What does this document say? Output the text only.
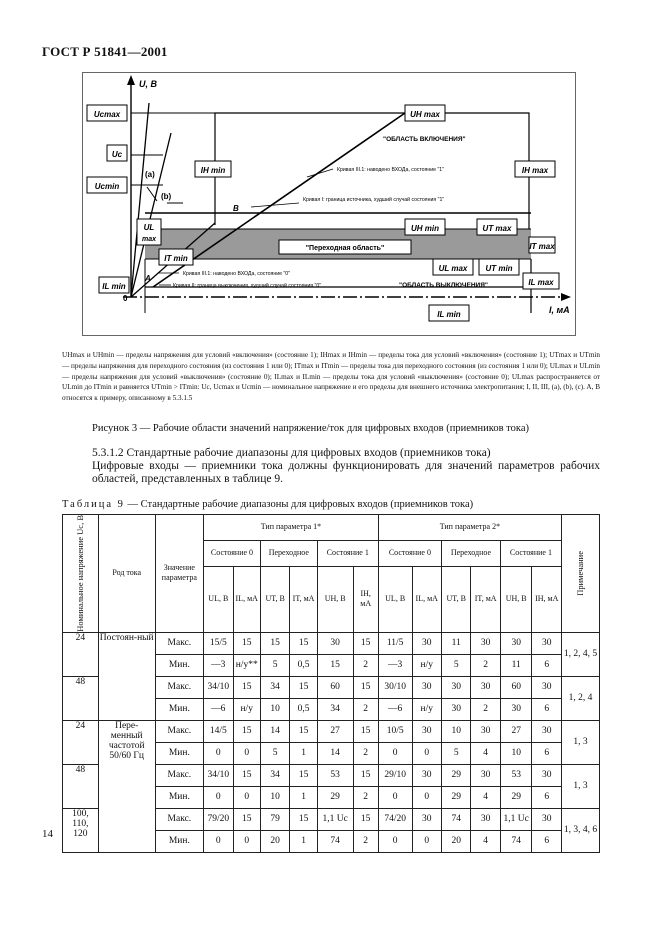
ГОСТ Р 51841—2001
Ucmax
Uc
Ucmin
UL
max
IT min
IL min
IH min
UH max
IH max
UH min	UT max
IT max
UL max UT min
IL max
IL min
U, В
I, мА
0
(a)
(b)
B
A
"ОБЛАСТЬ ВКЛЮЧЕНИЯ"
"ОБЛАСТЬ ВЫКЛЮЧЕНИЯ"
"Переходная область"
Кривая III.1: наводено ВХОДа, состояние "1"
Кривая I: граница источника, худший случай состояния "1"
Кривая III.1: наводено ВХОДа, состояние "0"
Кривая II: граница выключения, худший случай состояния "0"
UHmax и UHmin — пределы напряжения для условий «включения» (состояние 1); IHmax и IHmin — пределы тока для условий «включения» (состояние 1); UTmax и UTmin — пределы напряжения для переходного состояния (из состояния 1 или 0); ITmax и ITmin — пределы тока для переходного состояния (из состояния 1 или 0); ULmax и ULmin — пределы напряжения для условий «выключения» (состояние 0); ILmax и ILmin — пределы тока для условий «выключения» (состояние 0); ULmax распространяется от ULmin до ITmin и равняется UTmin > ITmin: Uc, Ucmax и Ucmin — номинальное напряжение и его пределы для внешнего источника электропитания; I, II, III, (a), (b), (c). A, B относятся к примеру, описанному в 5.3.1.5
Рисунок 3 — Рабочие области значений напряжение/ток для цифровых входов (приемников тока)
5.3.1.2 Стандартные рабочие диапазоны для цифровых входов (приемников тока)
Цифровые входы — приемники тока должны функционировать для значений параметров рабочих областей, представленных в таблице 9.
Таблица 9 — Стандартные рабочие диапазоны для цифровых входов (приемников тока)
Номинальное напряжение Uc, В	Род тока	Значение параметра	Тип параметра 1*						Тип параметра 2*						Примечание

			Состояние 0		Переходное		Состояние 1		Состояние 0		Переходное		Состояние 1		
			UL, В	IL, мА	UT, В	IT, мА	UH, В	IH, мА	UL, В	IL, мА	UT, В	IT, мА	UH, В	IH, мА	
24	Постоян-ный	Макс.	15/5	15	15	15	30	15	11/5	30	11	30	30	30	1, 2, 4, 5
		Мин.	—3	н/у**	5	0,5	15	2	—3	н/у	5	2	11	6	
48		Макс.	34/10	15	34	15	60	15	30/10	30	30	30	60	30	1, 2, 4
		Мин.	—6	н/у	10	0,5	34	2	—6	н/у	30	2	30	6	
24	Пере-менный частотой 50/60 Гц	Макс.	14/5	15	14	15	27	15	10/5	30	10	30	27	30	1, 3
		Мин.	0	0	5	1	14	2	0	0	5	4	10	6	
48		Макс.	34/10	15	34	15	53	15	29/10	30	29	30	53	30	1, 3
		Мин.	0	0	10	1	29	2	0	0	29	4	29	6	
100, 110, 120		Макс.	79/20	15	79	15	1,1 Uc	15	74/20	30	74	30	1,1 Uc	30	1, 3, 4, 6
		Мин.	0	0	20	1	74	2	0	0	20	4	74	6	
14
